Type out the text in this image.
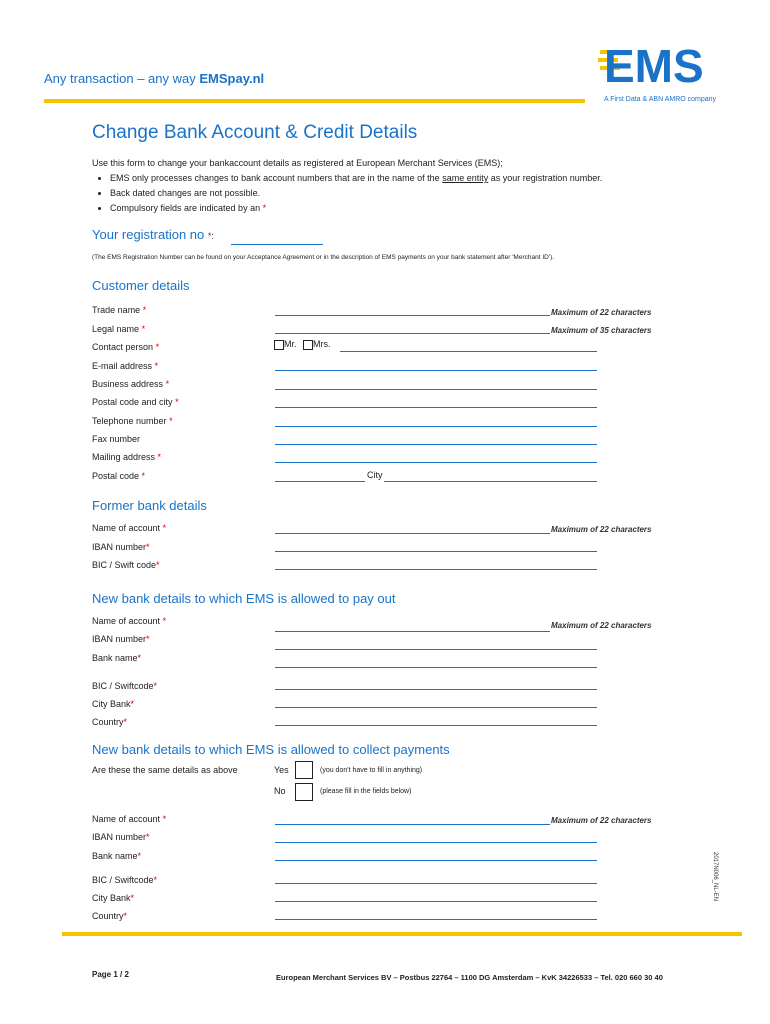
Any transaction – any way EMSpay.nl	EMS
A First Data & ABN AMRO company
Change Bank Account & Credit Details
Use this form to change your bankaccount details as registered at European Merchant Services (EMS);
• EMS only processes changes to bank account numbers that are in the name of the same entity as your registration number.
• Back dated changes are not possible.
• Compulsory fields are indicated by an *
Your registration no *:
(The EMS Registration Number can be found on your Acceptance Agreement or in the description of EMS payments on your bank statement after 'Merchant ID').
Customer details
Trade name *	Maximum of 22 characters
Legal name *	Maximum of 35 characters
Contact person *	Mr. Mrs.
E-mail address *
Business address *
Postal code and city *
Telephone number *
Fax number
Mailing address *
Postal code *	City
Former bank details
Name of account *	Maximum of 22 characters
IBAN number*
BIC / Swift code*
New bank details to which EMS is allowed to pay out
Name of account *	Maximum of 22 characters
IBAN number*
Bank name*
BIC / Swiftcode*
City Bank*
Country*
New bank details to which EMS is allowed to collect payments
Are these the same details as above	Yes	(you don't have to fill in anything)
No	(please fill in the fields below)
Name of account *	Maximum of 22 characters
IBAN number*
Bank name*
BIC / Swiftcode*
City Bank*
Country*
2017N006_NL-EN
Page 1 / 2	European Merchant Services BV – Postbus 22764 – 1100 DG Amsterdam – KvK 34226533 – Tel. 020 660 30 40
